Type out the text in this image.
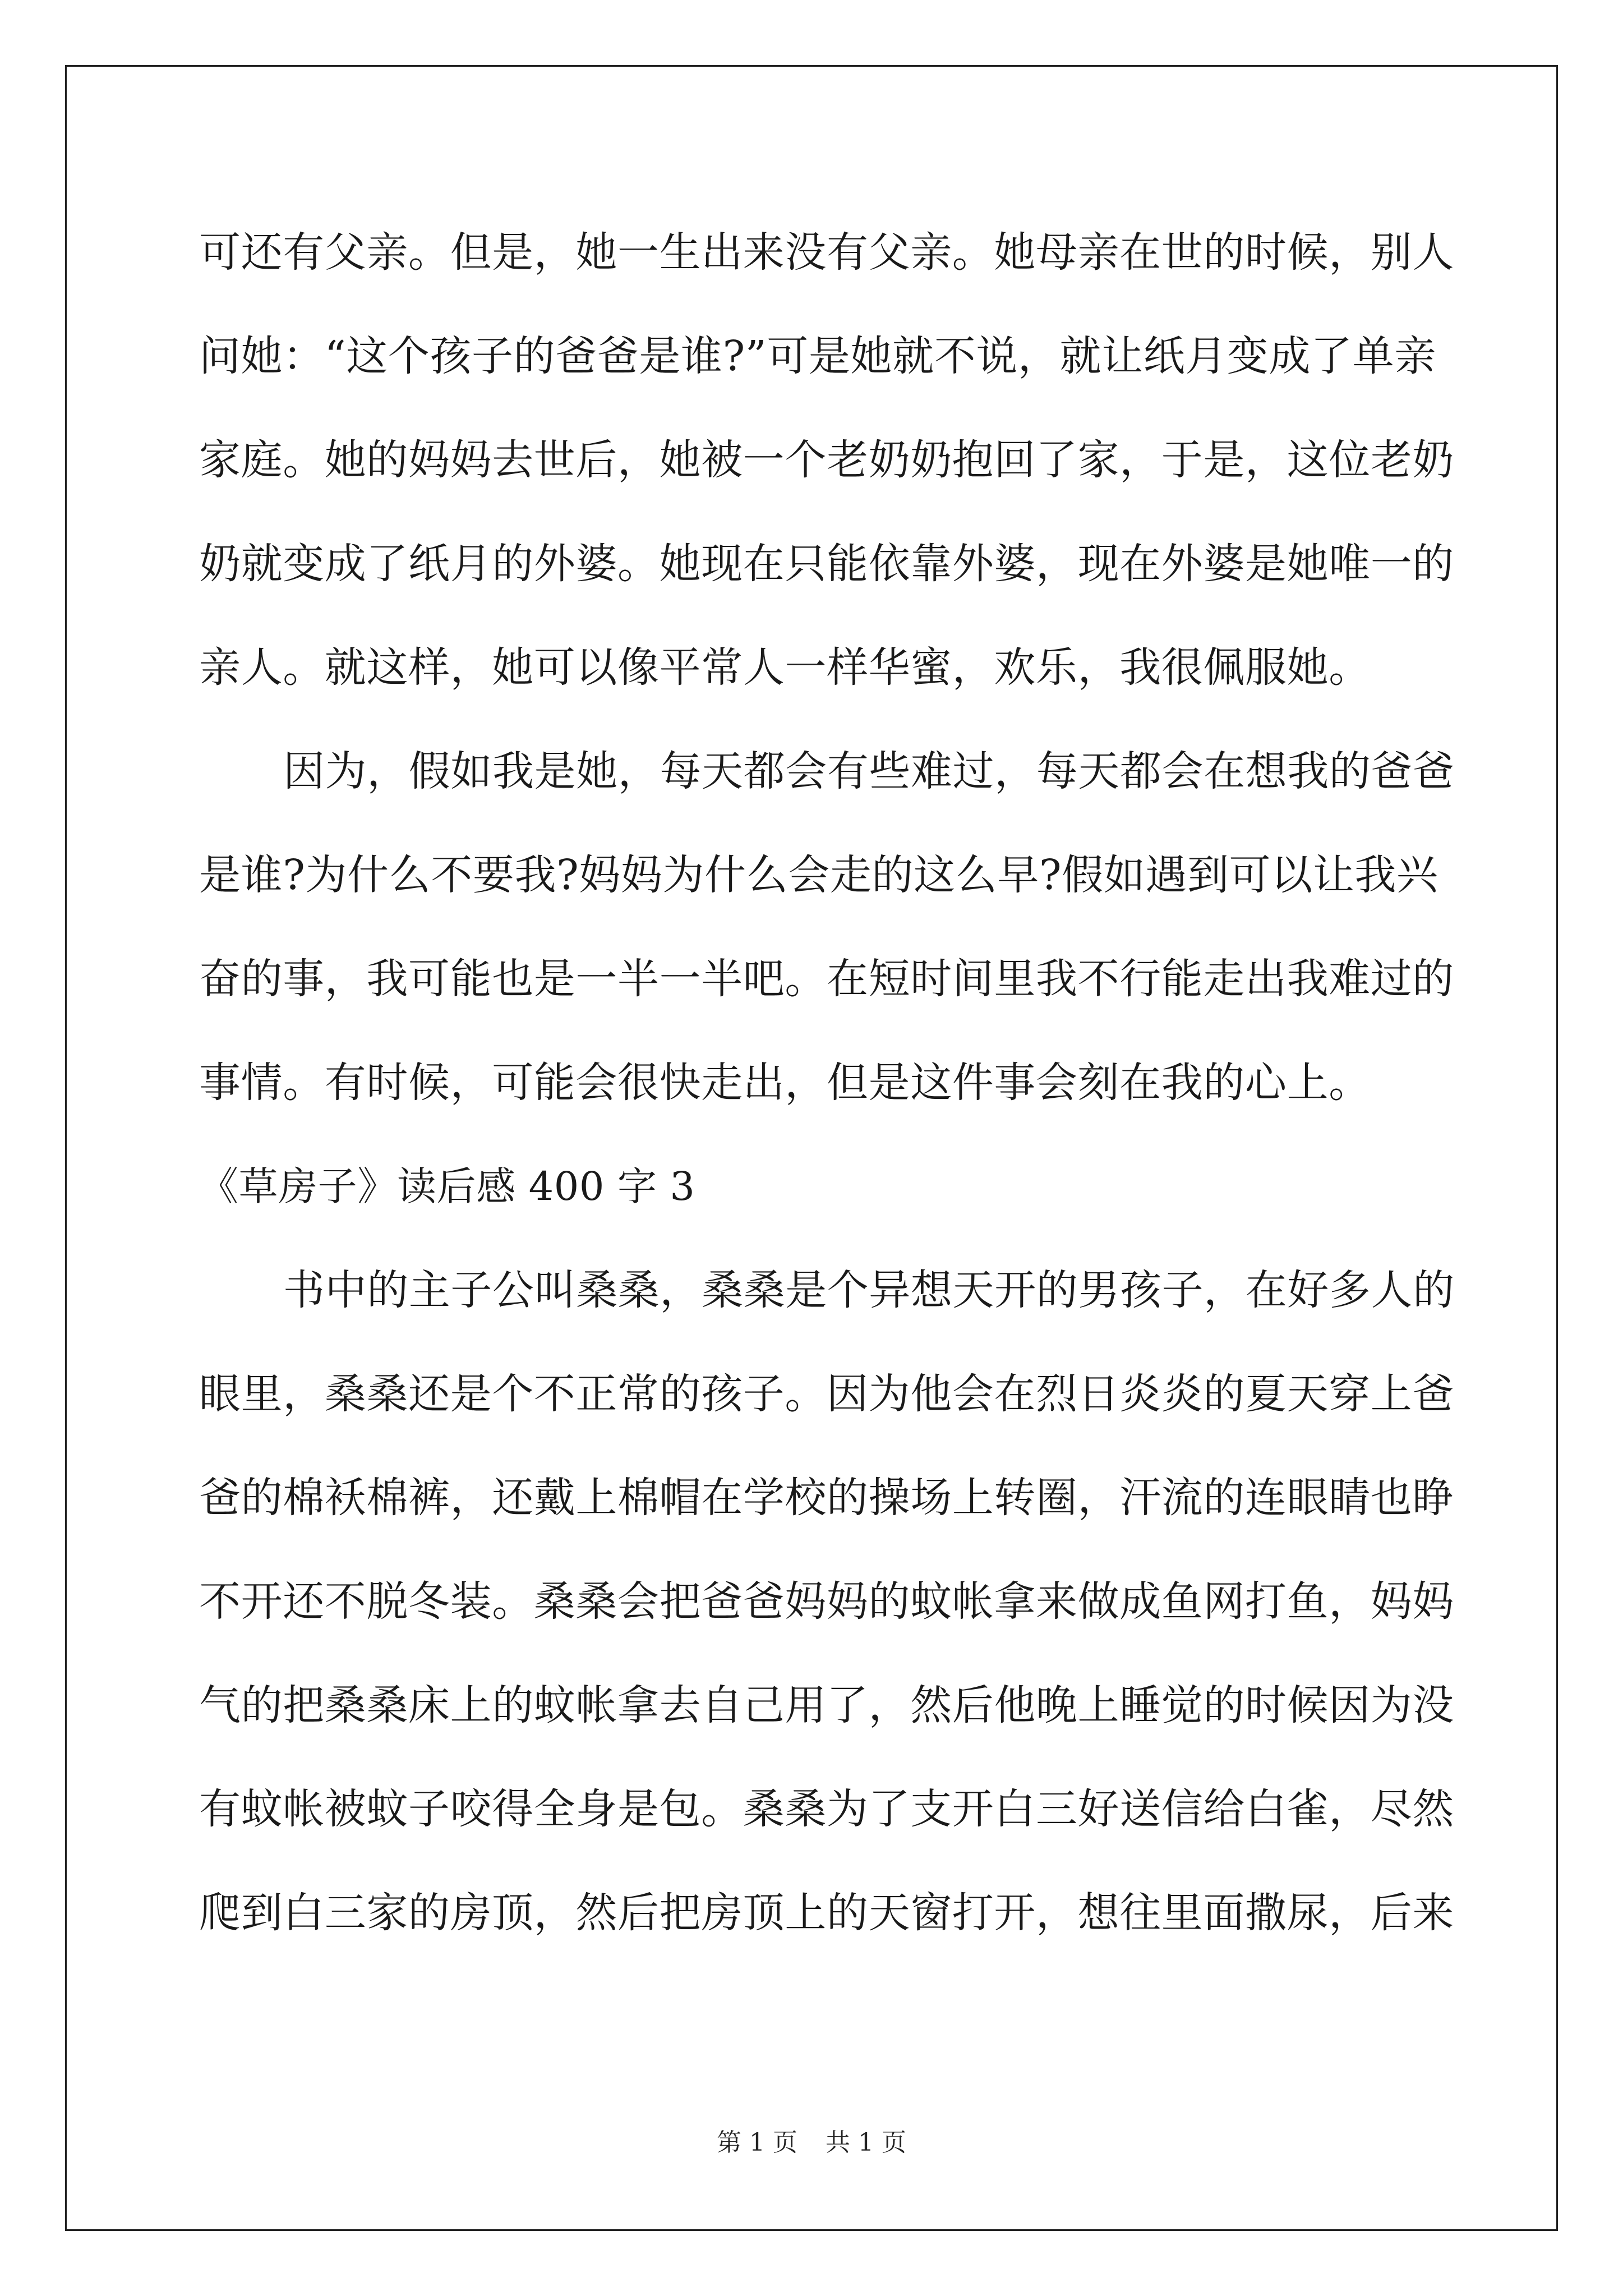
可还有父亲。但是，她一生出来没有父亲。她母亲在世的时候，别人
问她：“这个孩子的爸爸是谁?”可是她就不说，就让纸月变成了单亲
家庭。她的妈妈去世后，她被一个老奶奶抱回了家，于是，这位老奶
奶就变成了纸月的外婆。她现在只能依靠外婆，现在外婆是她唯一的
亲人。就这样，她可以像平常人一样华蜜，欢乐，我很佩服她。
因为，假如我是她，每天都会有些难过，每天都会在想我的爸爸
是谁?为什么不要我?妈妈为什么会走的这么早?假如遇到可以让我兴
奋的事，我可能也是一半一半吧。在短时间里我不行能走出我难过的
事情。有时候，可能会很快走出，但是这件事会刻在我的心上。
《草房子》读后感 400 字 3
书中的主子公叫桑桑，桑桑是个异想天开的男孩子，在好多人的
眼里，桑桑还是个不正常的孩子。因为他会在烈日炎炎的夏天穿上爸
爸的棉袄棉裤，还戴上棉帽在学校的操场上转圈，汗流的连眼睛也睁
不开还不脱冬装。桑桑会把爸爸妈妈的蚊帐拿来做成鱼网打鱼，妈妈
气的把桑桑床上的蚊帐拿去自己用了，然后他晚上睡觉的时候因为没
有蚊帐被蚊子咬得全身是包。桑桑为了支开白三好送信给白雀，尽然
爬到白三家的房顶，然后把房顶上的天窗打开，想往里面撒尿，后来
第 1 页 共 1 页
